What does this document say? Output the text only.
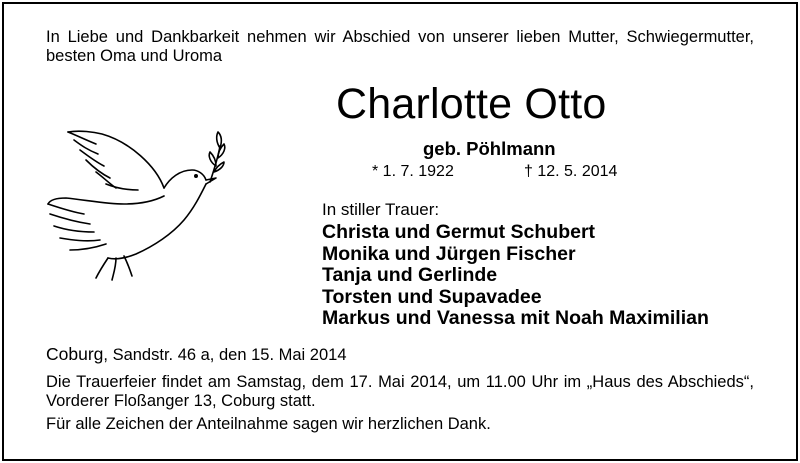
In Liebe und Dankbarkeit nehmen wir Abschied von unserer lieben Mutter, Schwiegermutter, besten Oma und Uroma
Charlotte Otto
geb. Pöhlmann
* 1. 7. 1922	† 12. 5. 2014
In stiller Trauer:
Christa und Germut Schubert
Monika und Jürgen Fischer
Tanja und Gerlinde
Torsten und Supavadee
Markus und Vanessa mit Noah Maximilian
Coburg, Sandstr. 46 a, den 15. Mai 2014
Die Trauerfeier findet am Samstag, dem 17. Mai 2014, um 11.00 Uhr im „Haus des Abschieds“, Vorderer Floßanger 13, Coburg statt.
Für alle Zeichen der Anteilnahme sagen wir herzlichen Dank.
